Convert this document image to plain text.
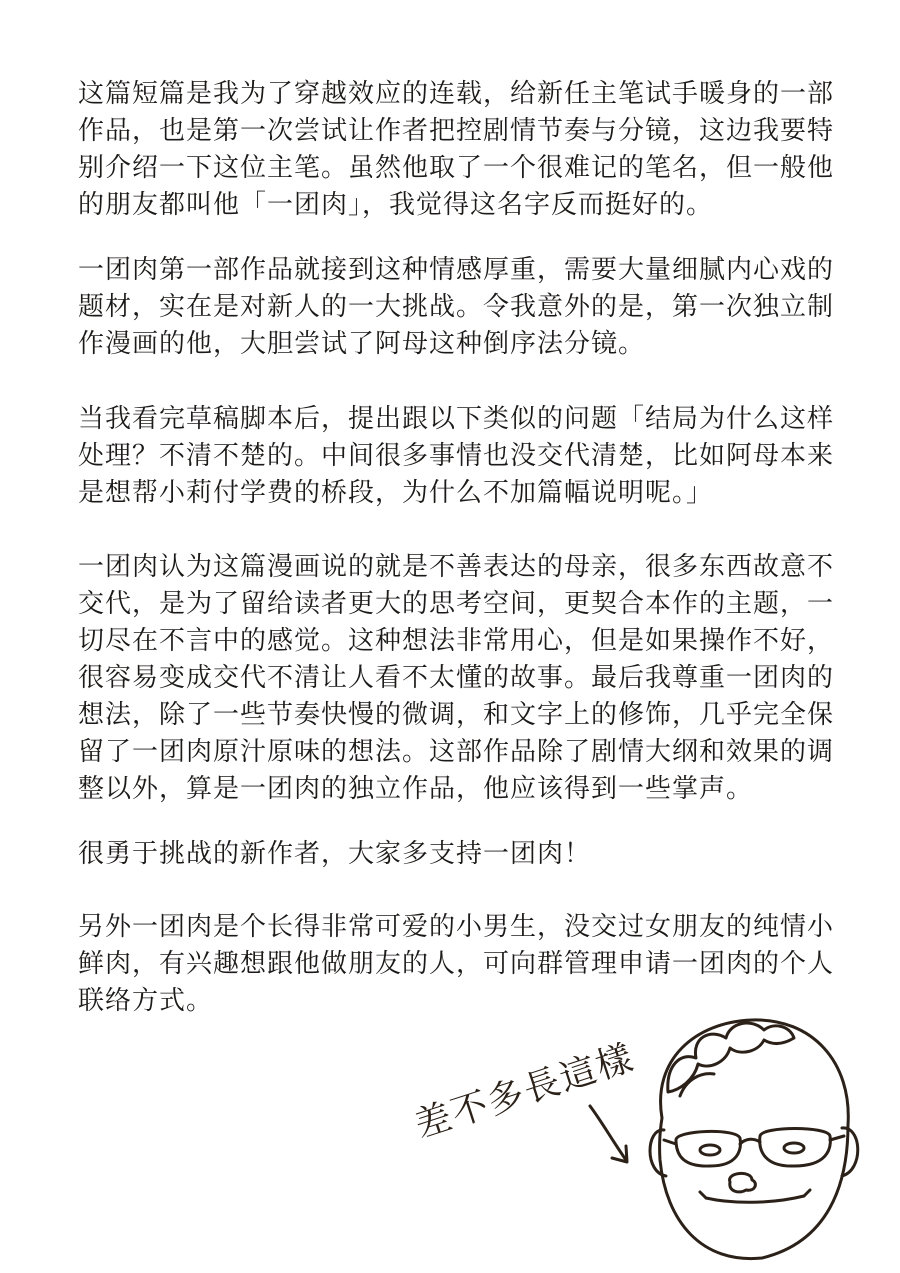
这篇短篇是我为了穿越效应的连载，给新任主笔试手暖身的一部
作品，也是第一次尝试让作者把控剧情节奏与分镜，这边我要特
别介绍一下这位主笔。虽然他取了一个很难记的笔名，但一般他
的朋友都叫他「一团肉」，我觉得这名字反而挺好的。
一团肉第一部作品就接到这种情感厚重，需要大量细腻内心戏的
题材，实在是对新人的一大挑战。令我意外的是，第一次独立制
作漫画的他，大胆尝试了阿母这种倒序法分镜。
当我看完草稿脚本后，提出跟以下类似的问题「结局为什么这样
处理？不清不楚的。中间很多事情也没交代清楚，比如阿母本来
是想帮小莉付学费的桥段，为什么不加篇幅说明呢。」
一团肉认为这篇漫画说的就是不善表达的母亲，很多东西故意不
交代，是为了留给读者更大的思考空间，更契合本作的主题，一
切尽在不言中的感觉。这种想法非常用心，但是如果操作不好，
很容易变成交代不清让人看不太懂的故事。最后我尊重一团肉的
想法，除了一些节奏快慢的微调，和文字上的修饰，几乎完全保
留了一团肉原汁原味的想法。这部作品除了剧情大纲和效果的调
整以外，算是一团肉的独立作品，他应该得到一些掌声。
很勇于挑战的新作者，大家多支持一团肉！
另外一团肉是个长得非常可爱的小男生，没交过女朋友的纯情小
鲜肉，有兴趣想跟他做朋友的人，可向群管理申请一团肉的个人
联络方式。
差不多長這樣
